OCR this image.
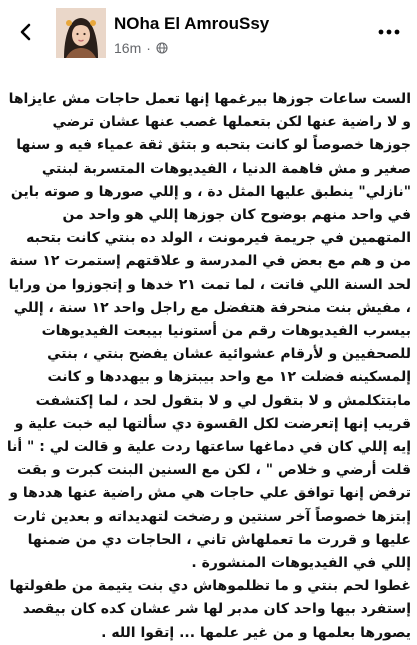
NOha El AmrouSsy
16m ·

الست ساعات جوزها بيرغمها إنها تعمل حاجات مش عايزاها و لا راضية عنها لكن بتعملها غصب عنها عشان ترضي جوزها خصوصاً لو كانت بتحبه و بتثق ثقة عمياء فيه و سنها صغير و مش فاهمة الدنيا ، الفيديوهات المتسربة لبنتي "نازلي" ينطبق عليها المثل دة ، و إللي صورها و صوته باين في واحد منهم بوضوح كان جوزها إللي هو واحد من المتهمين في جريمة فيرمونت ، الولد ده بنتي كانت بتحبه من و هم مع بعض في المدرسة و علاقتهم إستمرت ١٢ سنة لحد السنة اللي فاتت ، لما تمت ٢١ خدها و إتجوزوا من ورايا ، مفيش بنت منحرفة هتفضل مع راجل واحد ١٢ سنة ، إللي بيسرب الفيديوهات رقم من أستونيا بيبعت الفيديوهات للصحفيين و لأرقام عشوائية عشان يفضح بنتي ، بنتي إلمسكينه فضلت ١٢ مع واحد بيبتزها و بيهددها و كانت مابتتكلمش و لا بتقول لي و لا بتقول لحد ، لما إكتشفت قريب إنها إتعرضت لكل القسوة دي سألتها ليه خبت علية و إيه إللي كان في دماغها ساعتها ردت علية و قالت لي : " أنا قلت أرضي و خلاص " ، لكن مع السنين البنت كبرت و بقت ترفض إنها توافق علي حاجات هي مش راضية عنها هددها و إبتزها خصوصاً آخر سنتين و رضخت لتهديداته و بعدين ثارت عليها و قررت ما تعملهاش تاني ، الحاجات دي من ضمنها إللي في الفيديوهات المنشورة .

غطوا لحم بنتي و ما تظلموهاش دي بنت يتيمة من طفولتها إستفرد بيها واحد كان مدبر لها شر عشان كده كان بيقصد يصورها بعلمها و من غير علمها ... إتقوا الله .
